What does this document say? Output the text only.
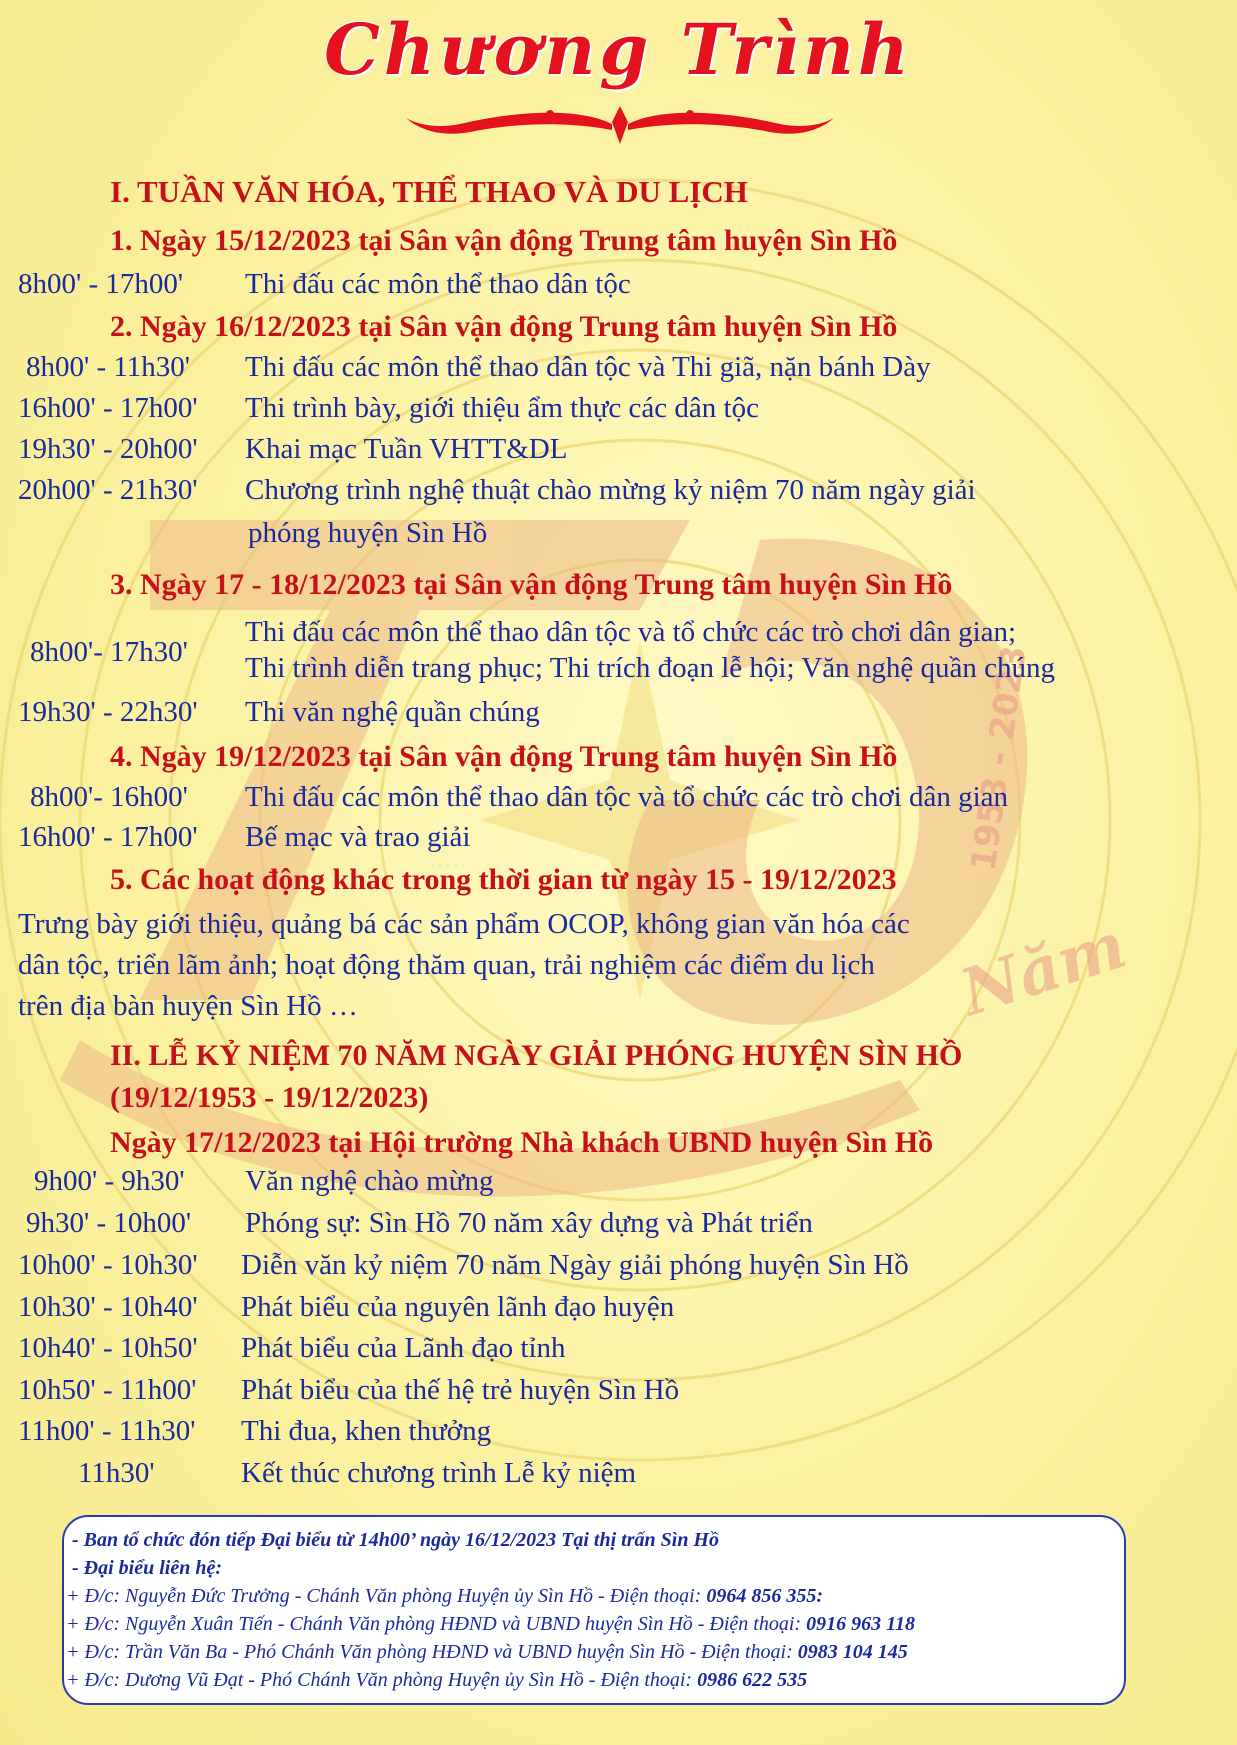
1953 - 2023
Năm
Chương Trình
I. TUẦN VĂN HÓA, THỂ THAO VÀ DU LỊCH
1. Ngày 15/12/2023 tại Sân vận động Trung tâm huyện Sìn Hồ
8h00' - 17h00' Thi đấu các môn thể thao dân tộc
2. Ngày 16/12/2023 tại Sân vận động Trung tâm huyện Sìn Hồ
8h00' - 11h30' Thi đấu các môn thể thao dân tộc và Thi giã, nặn bánh Dày
16h00' - 17h00' Thi trình bày, giới thiệu ẩm thực các dân tộc
19h30' - 20h00' Khai mạc Tuần VHTT&DL
20h00' - 21h30' Chương trình nghệ thuật chào mừng kỷ niệm 70 năm ngày giải
phóng huyện Sìn Hồ
3. Ngày 17 - 18/12/2023 tại Sân vận động Trung tâm huyện Sìn Hồ
8h00'- 17h30'
Thi đấu các môn thể thao dân tộc và tổ chức các trò chơi dân gian;
Thi trình diễn trang phục; Thi trích đoạn lễ hội; Văn nghệ quần chúng
19h30' - 22h30' Thi văn nghệ quần chúng
4. Ngày 19/12/2023 tại Sân vận động Trung tâm huyện Sìn Hồ
8h00'- 16h00' Thi đấu các môn thể thao dân tộc và tổ chức các trò chơi dân gian
16h00' - 17h00' Bế mạc và trao giải
5. Các hoạt động khác trong thời gian từ ngày 15 - 19/12/2023
Trưng bày giới thiệu, quảng bá các sản phẩm OCOP, không gian văn hóa các
dân tộc, triển lãm ảnh; hoạt động thăm quan, trải nghiệm các điểm du lịch
trên địa bàn huyện Sìn Hồ …
II. LỄ KỶ NIỆM 70 NĂM NGÀY GIẢI PHÓNG HUYỆN SÌN HỒ
(19/12/1953 - 19/12/2023)
Ngày 17/12/2023 tại Hội trường Nhà khách UBND huyện Sìn Hồ
9h00' - 9h30' Văn nghệ chào mừng
9h30' - 10h00' Phóng sự: Sìn Hồ 70 năm xây dựng và Phát triển
10h00' - 10h30' Diễn văn kỷ niệm 70 năm Ngày giải phóng huyện Sìn Hồ
10h30' - 10h40' Phát biểu của nguyên lãnh đạo huyện
10h40' - 10h50' Phát biểu của Lãnh đạo tỉnh
10h50' - 11h00' Phát biểu của thế hệ trẻ huyện Sìn Hồ
11h00' - 11h30' Thi đua, khen thưởng
11h30'	Kết thúc chương trình Lễ kỷ niệm
- Ban tổ chức đón tiếp Đại biểu từ 14h00’ ngày 16/12/2023 Tại thị trấn Sìn Hồ
- Đại biểu liên hệ:
+ Đ/c: Nguyễn Đức Trưởng - Chánh Văn phòng Huyện ủy Sìn Hồ - Điện thoại: 0964 856 355:
+ Đ/c: Nguyễn Xuân Tiến - Chánh Văn phòng HĐND và UBND huyện Sìn Hồ - Điện thoại: 0916 963 118
+ Đ/c: Trần Văn Ba - Phó Chánh Văn phòng HĐND và UBND huyện Sìn Hồ - Điện thoại: 0983 104 145
+ Đ/c: Dương Vũ Đạt - Phó Chánh Văn phòng Huyện ủy Sìn Hồ - Điện thoại: 0986 622 535
